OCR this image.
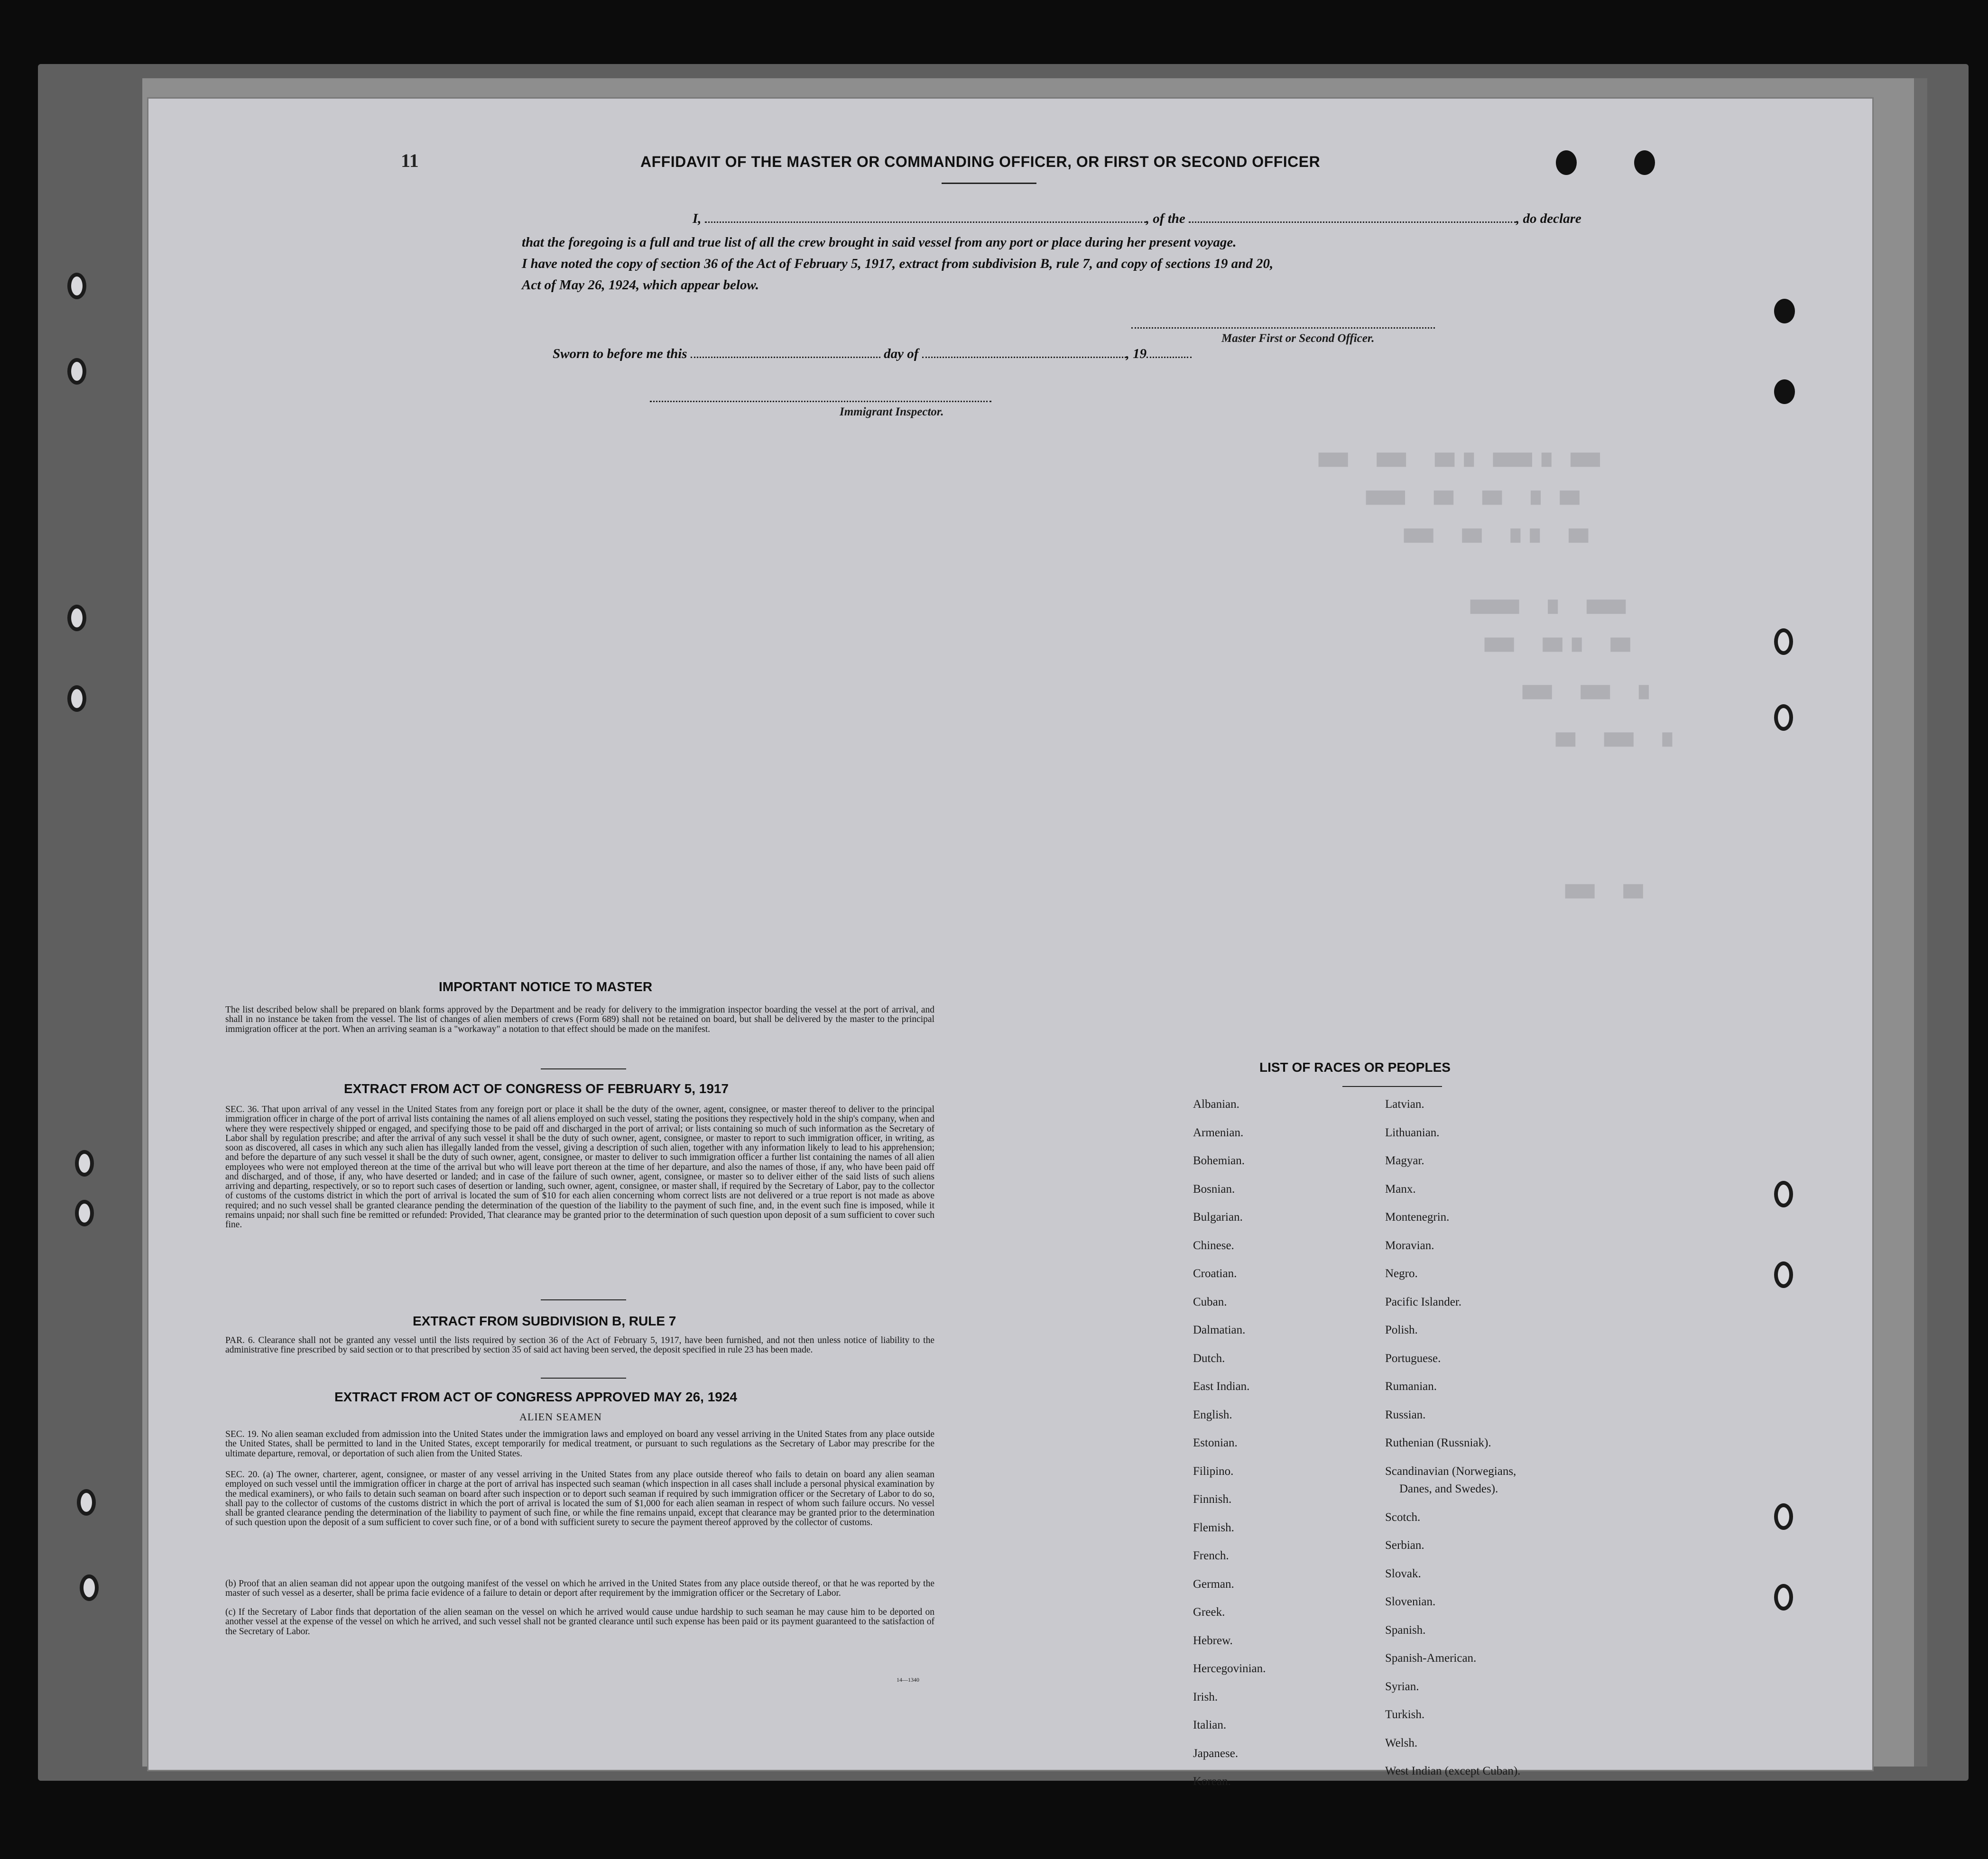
▆▆▆   ▆▆▆   ▆▆ ▆  ▆▆▆▆ ▆  ▆▆▆
▆▆▆▆   ▆▆   ▆▆   ▆  ▆▆
▆▆▆   ▆▆   ▆ ▆   ▆▆
▆▆▆▆▆   ▆   ▆▆▆▆
▆▆▆   ▆▆ ▆   ▆▆
▆▆▆   ▆▆▆   ▆
▆▆   ▆▆▆   ▆
▆▆▆   ▆▆
11	AFFIDAVIT OF THE MASTER OR COMMANDING OFFICER, OR FIRST OR SECOND OFFICER
I,	, of the	, do declare
that the foregoing is a full and true list of all the crew brought in said vessel from any port or place during her present voyage.
I have noted the copy of section 36 of the Act of February 5, 1917, extract from subdivision B, rule 7, and copy of sections 19 and 20,
Act of May 26, 1924, which appear below.
Master First or Second Officer.
Sworn to before me this	day of	, 19
Immigrant Inspector.
IMPORTANT NOTICE TO MASTER
The list described below shall be prepared on blank forms approved by the Department and be ready for delivery to the immigration inspector boarding the vessel at the port of arrival, and shall in no instance be taken from the vessel. The list of changes of alien members of crews (Form 689) shall not be retained on board, but shall be delivered by the master to the principal immigration officer at the port. When an arriving seaman is a "workaway" a notation to that effect should be made on the manifest.
EXTRACT FROM ACT OF CONGRESS OF FEBRUARY 5, 1917
SEC. 36. That upon arrival of any vessel in the United States from any foreign port or place it shall be the duty of the owner, agent, consignee, or master thereof to deliver to the principal immigration officer in charge of the port of arrival lists containing the names of all aliens employed on such vessel, stating the positions they respectively hold in the ship's company, when and where they were respectively shipped or engaged, and specifying those to be paid off and discharged in the port of arrival; or lists containing so much of such information as the Secretary of Labor shall by regulation prescribe; and after the arrival of any such vessel it shall be the duty of such owner, agent, consignee, or master to report to such immigration officer, in writing, as soon as discovered, all cases in which any such alien has illegally landed from the vessel, giving a description of such alien, together with any information likely to lead to his apprehension; and before the departure of any such vessel it shall be the duty of such owner, agent, consignee, or master to deliver to such immigration officer a further list containing the names of all alien employees who were not employed thereon at the time of the arrival but who will leave port thereon at the time of her departure, and also the names of those, if any, who have been paid off and discharged, and of those, if any, who have deserted or landed; and in case of the failure of such owner, agent, consignee, or master so to deliver either of the said lists of such aliens arriving and departing, respectively, or so to report such cases of desertion or landing, such owner, agent, consignee, or master shall, if required by the Secretary of Labor, pay to the collector of customs of the customs district in which the port of arrival is located the sum of $10 for each alien concerning whom correct lists are not delivered or a true report is not made as above required; and no such vessel shall be granted clearance pending the determination of the question of the liability to the payment of such fine, and, in the event such fine is imposed, while it remains unpaid; nor shall such fine be remitted or refunded: Provided, That clearance may be granted prior to the determination of such question upon deposit of a sum sufficient to cover such fine.
EXTRACT FROM SUBDIVISION B, RULE 7
PAR. 6. Clearance shall not be granted any vessel until the lists required by section 36 of the Act of February 5, 1917, have been furnished, and not then unless notice of liability to the administrative fine prescribed by said section or to that prescribed by section 35 of said act having been served, the deposit specified in rule 23 has been made.
EXTRACT FROM ACT OF CONGRESS APPROVED MAY 26, 1924
ALIEN SEAMEN
SEC. 19. No alien seaman excluded from admission into the United States under the immigration laws and employed on board any vessel arriving in the United States from any place outside the United States, shall be permitted to land in the United States, except temporarily for medical treatment, or pursuant to such regulations as the Secretary of Labor may prescribe for the ultimate departure, removal, or deportation of such alien from the United States.
SEC. 20. (a) The owner, charterer, agent, consignee, or master of any vessel arriving in the United States from any place outside thereof who fails to detain on board any alien seaman employed on such vessel until the immigration officer in charge at the port of arrival has inspected such seaman (which inspection in all cases shall include a personal physical examination by the medical examiners), or who fails to detain such seaman on board after such inspection or to deport such seaman if required by such immigration officer or the Secretary of Labor to do so, shall pay to the collector of customs of the customs district in which the port of arrival is located the sum of $1,000 for each alien seaman in respect of whom such failure occurs. No vessel shall be granted clearance pending the determination of the liability to payment of such fine, or while the fine remains unpaid, except that clearance may be granted prior to the determination of such question upon the deposit of a sum sufficient to cover such fine, or of a bond with sufficient surety to secure the payment thereof approved by the collector of customs.
(b) Proof that an alien seaman did not appear upon the outgoing manifest of the vessel on which he arrived in the United States from any place outside thereof, or that he was reported by the master of such vessel as a deserter, shall be prima facie evidence of a failure to detain or deport after requirement by the immigration officer or the Secretary of Labor.
(c) If the Secretary of Labor finds that deportation of the alien seaman on the vessel on which he arrived would cause undue hardship to such seaman he may cause him to be deported on another vessel at the expense of the vessel on which he arrived, and such vessel shall not be granted clearance until such expense has been paid or its payment guaranteed to the satisfaction of the Secretary of Labor.
14—1340
LIST OF RACES OR PEOPLES
Albanian.
Armenian.
Bohemian.
Bosnian.
Bulgarian.
Chinese.
Croatian.
Cuban.
Dalmatian.
Dutch.
East Indian.
English.
Estonian.
Filipino.
Finnish.
Flemish.
French.
German.
Greek.
Hebrew.
Hercegovinian.
Irish.
Italian.
Japanese.
Korean.
Latvian.
Lithuanian.
Magyar.
Manx.
Montenegrin.
Moravian.
Negro.
Pacific Islander.
Polish.
Portuguese.
Rumanian.
Russian.
Ruthenian (Russniak).
Scandinavian (Norwegians,
Danes, and Swedes).
Scotch.
Serbian.
Slovak.
Slovenian.
Spanish.
Spanish-American.
Syrian.
Turkish.
Welsh.
West Indian (except Cuban).
